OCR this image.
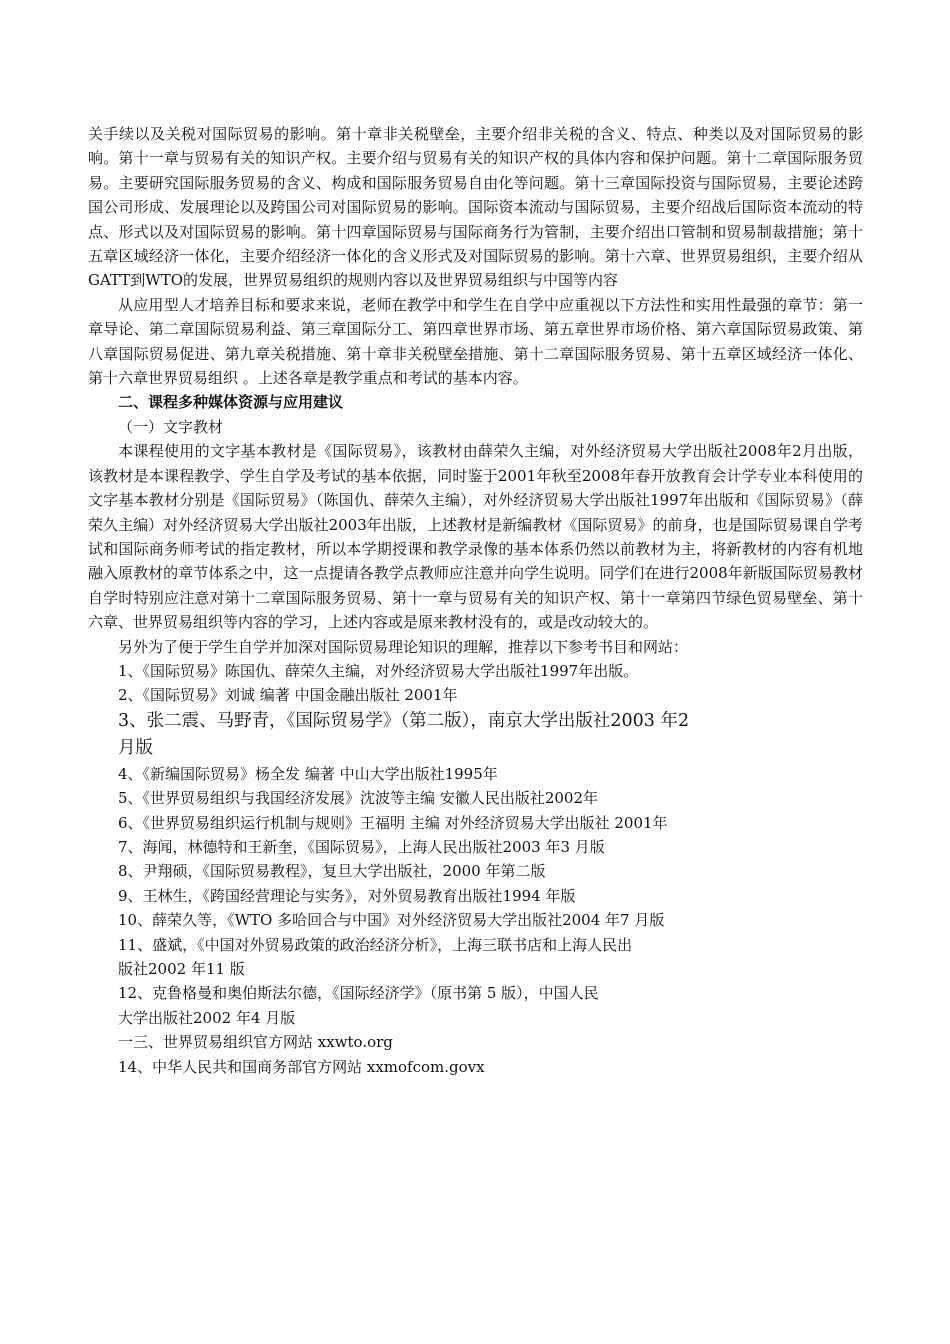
关手续以及关税对国际贸易的影响。第十章非关税壁垒，主要介绍非关税的含义、特点、种类以及对国际贸易的影响。第十一章与贸易有关的知识产权。主要介绍与贸易有关的知识产权的具体内容和保护问题。第十二章国际服务贸易。主要研究国际服务贸易的含义、构成和国际服务贸易自由化等问题。第十三章国际投资与国际贸易，主要论述跨国公司形成、发展理论以及跨国公司对国际贸易的影响。国际资本流动与国际贸易，主要介绍战后国际资本流动的特点、形式以及对国际贸易的影响。第十四章国际贸易与国际商务行为管制，主要介绍出口管制和贸易制裁措施；第十五章区域经济一体化，主要介绍经济一体化的含义形式及对国际贸易的影响。第十六章、世界贸易组织，主要介绍从GATT到WTO的发展，世界贸易组织的规则内容以及世界贸易组织与中国等内容

从应用型人才培养目标和要求来说，老师在教学中和学生在自学中应重视以下方法性和实用性最强的章节：第一章导论、第二章国际贸易利益、第三章国际分工、第四章世界市场、第五章世界市场价格、第六章国际贸易政策、第八章国际贸易促进、第九章关税措施、第十章非关税壁垒措施、第十二章国际服务贸易、第十五章区域经济一体化、第十六章世界贸易组织 。上述各章是教学重点和考试的基本内容。

二、课程多种媒体资源与应用建议

（一）文字教材

本课程使用的文字基本教材是《国际贸易》，该教材由薛荣久主编，对外经济贸易大学出版社2008年2月出版，该教材是本课程教学、学生自学及考试的基本依据，同时鉴于2001年秋至2008年春开放教育会计学专业本科使用的文字基本教材分别是《国际贸易》（陈国仇、薛荣久主编），对外经济贸易大学出版社1997年出版和《国际贸易》（薛荣久主编）对外经济贸易大学出版社2003年出版，上述教材是新编教材《国际贸易》的前身，也是国际贸易课自学考试和国际商务师考试的指定教材，所以本学期授课和教学录像的基本体系仍然以前教材为主，将新教材的内容有机地融入原教材的章节体系之中，这一点提请各教学点教师应注意并向学生说明。同学们在进行2008年新版国际贸易教材自学时特别应注意对第十二章国际服务贸易、第十一章与贸易有关的知识产权、第十一章第四节绿色贸易壁垒、第十六章、世界贸易组织等内容的学习，上述内容或是原来教材没有的，或是改动较大的。

另外为了便于学生自学并加深对国际贸易理论知识的理解，推荐以下参考书目和网站：

1、《国际贸易》陈国仇、薛荣久主编，对外经济贸易大学出版社1997年出版。

2、《国际贸易》刘诚 编著 中国金融出版社 2001年

3、张二震、马野青，《国际贸易学》（第二版），南京大学出版社2003 年2

月版

4、《新编国际贸易》杨全发 编著 中山大学出版社1995年

5、《世界贸易组织与我国经济发展》沈波等主编 安徽人民出版社2002年

6、《世界贸易组织运行机制与规则》王福明 主编 对外经济贸易大学出版社 2001年

7、海闻，林德特和王新奎，《国际贸易》，上海人民出版社2003 年3 月版

8、尹翔硕，《国际贸易教程》，复旦大学出版社，2000 年第二版

9、王林生，《跨国经营理论与实务》，对外贸易教育出版社1994 年版

10、薛荣久等，《WTO 多哈回合与中国》对外经济贸易大学出版社2004 年7 月版

11、盛斌，《中国对外贸易政策的政治经济分析》，上海三联书店和上海人民出

版社2002 年11 版

12、克鲁格曼和奥伯斯法尔德，《国际经济学》（原书第 5 版），中国人民

大学出版社2002 年4 月版

一三、世界贸易组织官方网站 xxwto.org

14、中华人民共和国商务部官方网站 xxmofcom.govx
